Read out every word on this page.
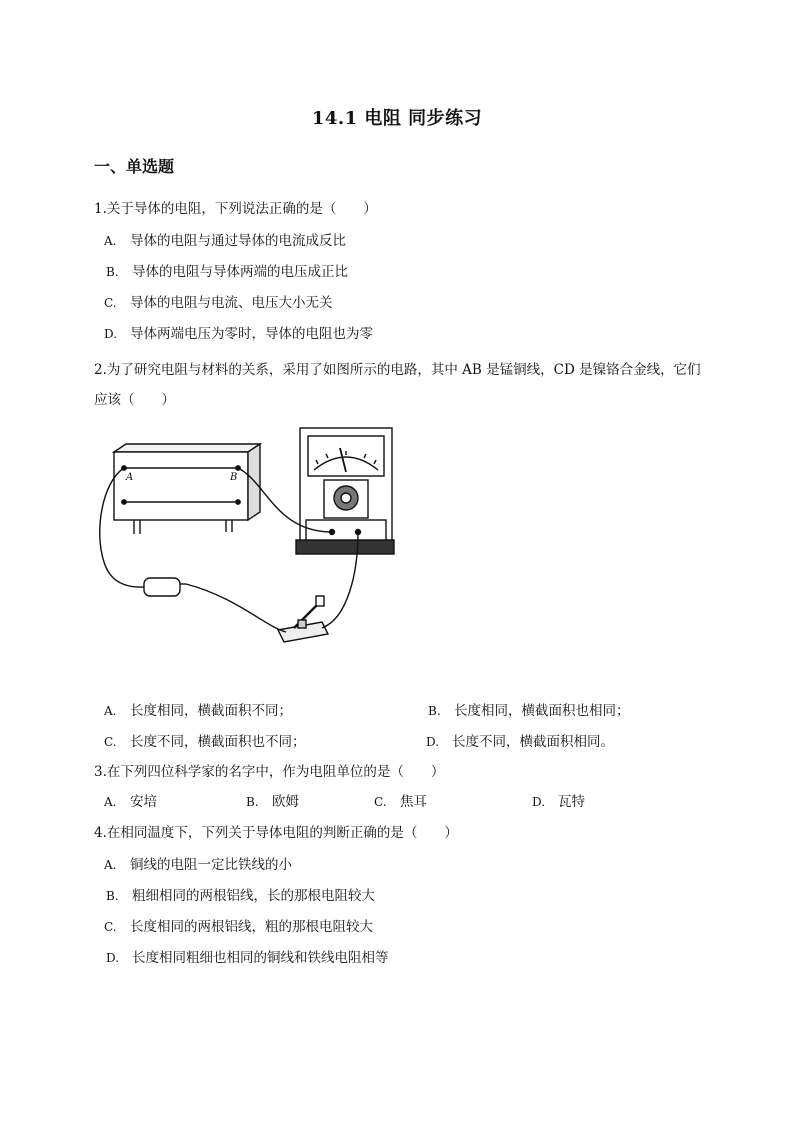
14.1 电阻 同步练习
一、单选题
1.关于导体的电阻，下列说法正确的是（　　）
A. 导体的电阻与通过导体的电流成反比
B. 导体的电阻与导体两端的电压成正比
C. 导体的电阻与电流、电压大小无关
D. 导体两端电压为零时，导体的电阻也为零
2.为了研究电阻与材料的关系，采用了如图所示的电路，其中 AB 是锰铜线，CD 是镍铬合金线，它们应该（　　）
A	B
A. 长度相同，横截面积不同；	B. 长度相同，横截面积也相同；
C. 长度不同，横截面积也不同；	D. 长度不同，横截面积相同。
3.在下列四位科学家的名字中，作为电阻单位的是（　　）
A. 安培	B. 欧姆	C. 焦耳	D. 瓦特
4.在相同温度下，下列关于导体电阻的判断正确的是（　　）
A. 铜线的电阻一定比铁线的小
B. 粗细相同的两根铝线，长的那根电阻较大
C. 长度相同的两根铝线，粗的那根电阻较大
D. 长度相同粗细也相同的铜线和铁线电阻相等
